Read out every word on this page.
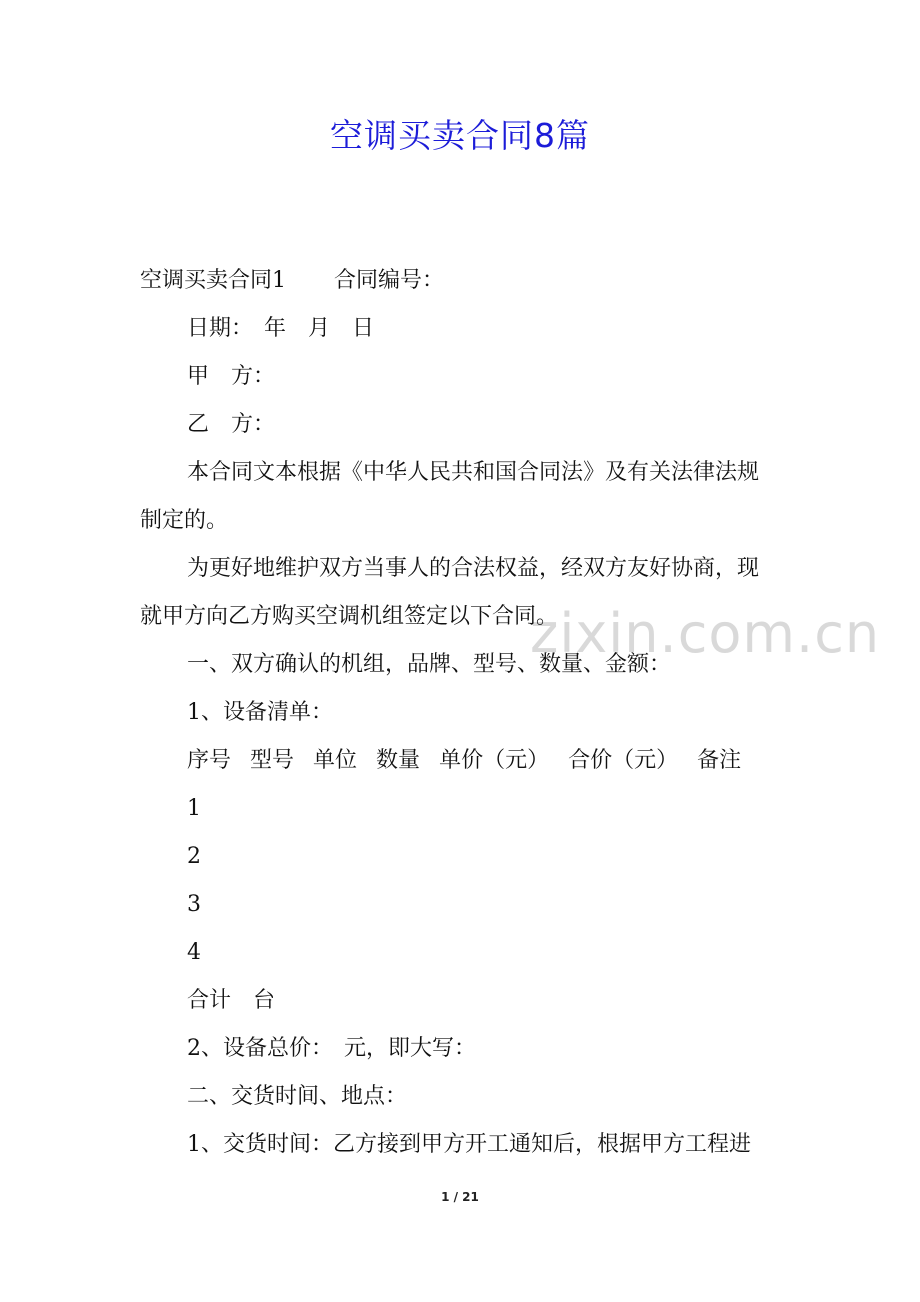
空调买卖合同8篇
zixin.com.cn
空调买卖合同1 合同编号：
日期：　年　月　日
甲　方：
乙　方：
本合同文本根据《中华人民共和国合同法》及有关法律法规
制定的。
为更好地维护双方当事人的合法权益，经双方友好协商，现
就甲方向乙方购买空调机组签定以下合同。
一、双方确认的机组，品牌、型号、数量、金额：
1、设备清单：
序号 型号 单位 数量 单价（元） 合价（元） 备注
1
2
3
4
合计　台
2、设备总价：　元，即大写：
二、交货时间、地点：
1、交货时间：乙方接到甲方开工通知后，根据甲方工程进
1 / 21
